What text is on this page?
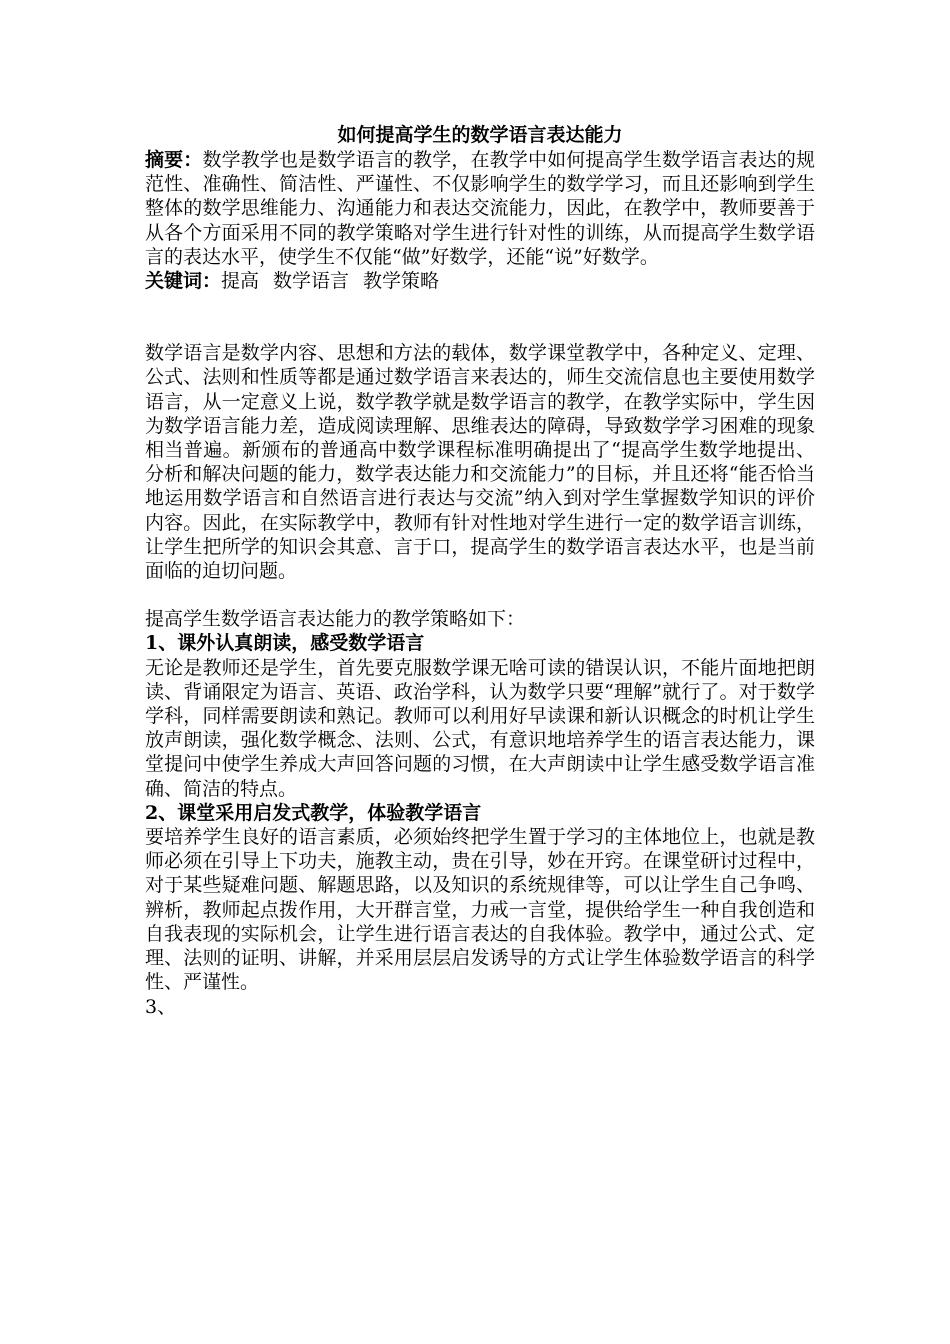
如何提高学生的数学语言表达能力

摘要：数学教学也是数学语言的教学，在教学中如何提高学生数学语言表达的规范性、准确性、简洁性、严谨性、不仅影响学生的数学学习，而且还影响到学生整体的数学思维能力、沟通能力和表达交流能力，因此，在教学中，教师要善于从各个方面采用不同的教学策略对学生进行针对性的训练，从而提高学生数学语言的表达水平，使学生不仅能“做”好数学，还能“说”好数学。

关键词：提高 数学语言 教学策略

数学语言是数学内容、思想和方法的载体，数学课堂教学中，各种定义、定理、公式、法则和性质等都是通过数学语言来表达的，师生交流信息也主要使用数学语言，从一定意义上说，数学教学就是数学语言的教学，在教学实际中，学生因为数学语言能力差，造成阅读理解、思维表达的障碍，导致数学学习困难的现象相当普遍。新颁布的普通高中数学课程标准明确提出了“提高学生数学地提出、分析和解决问题的能力，数学表达能力和交流能力”的目标，并且还将“能否恰当地运用数学语言和自然语言进行表达与交流”纳入到对学生掌握数学知识的评价内容。因此，在实际教学中，教师有针对性地对学生进行一定的数学语言训练，让学生把所学的知识会其意、言于口，提高学生的数学语言表达水平，也是当前面临的迫切问题。

提高学生数学语言表达能力的教学策略如下：

1、课外认真朗读，感受数学语言

无论是教师还是学生，首先要克服数学课无啥可读的错误认识，不能片面地把朗读、背诵限定为语言、英语、政治学科，认为数学只要“理解”就行了。对于数学学科，同样需要朗读和熟记。教师可以利用好早读课和新认识概念的时机让学生放声朗读，强化数学概念、法则、公式，有意识地培养学生的语言表达能力，课堂提问中使学生养成大声回答问题的习惯，在大声朗读中让学生感受数学语言准确、简洁的特点。

2、课堂采用启发式教学，体验教学语言

要培养学生良好的语言素质，必须始终把学生置于学习的主体地位上，也就是教师必须在引导上下功夫，施教主动，贵在引导，妙在开窍。在课堂研讨过程中，对于某些疑难问题、解题思路，以及知识的系统规律等，可以让学生自己争鸣、辨析，教师起点拨作用，大开群言堂，力戒一言堂，提供给学生一种自我创造和自我表现的实际机会，让学生进行语言表达的自我体验。教学中，通过公式、定理、法则的证明、讲解，并采用层层启发诱导的方式让学生体验数学语言的科学性、严谨性。

3、
